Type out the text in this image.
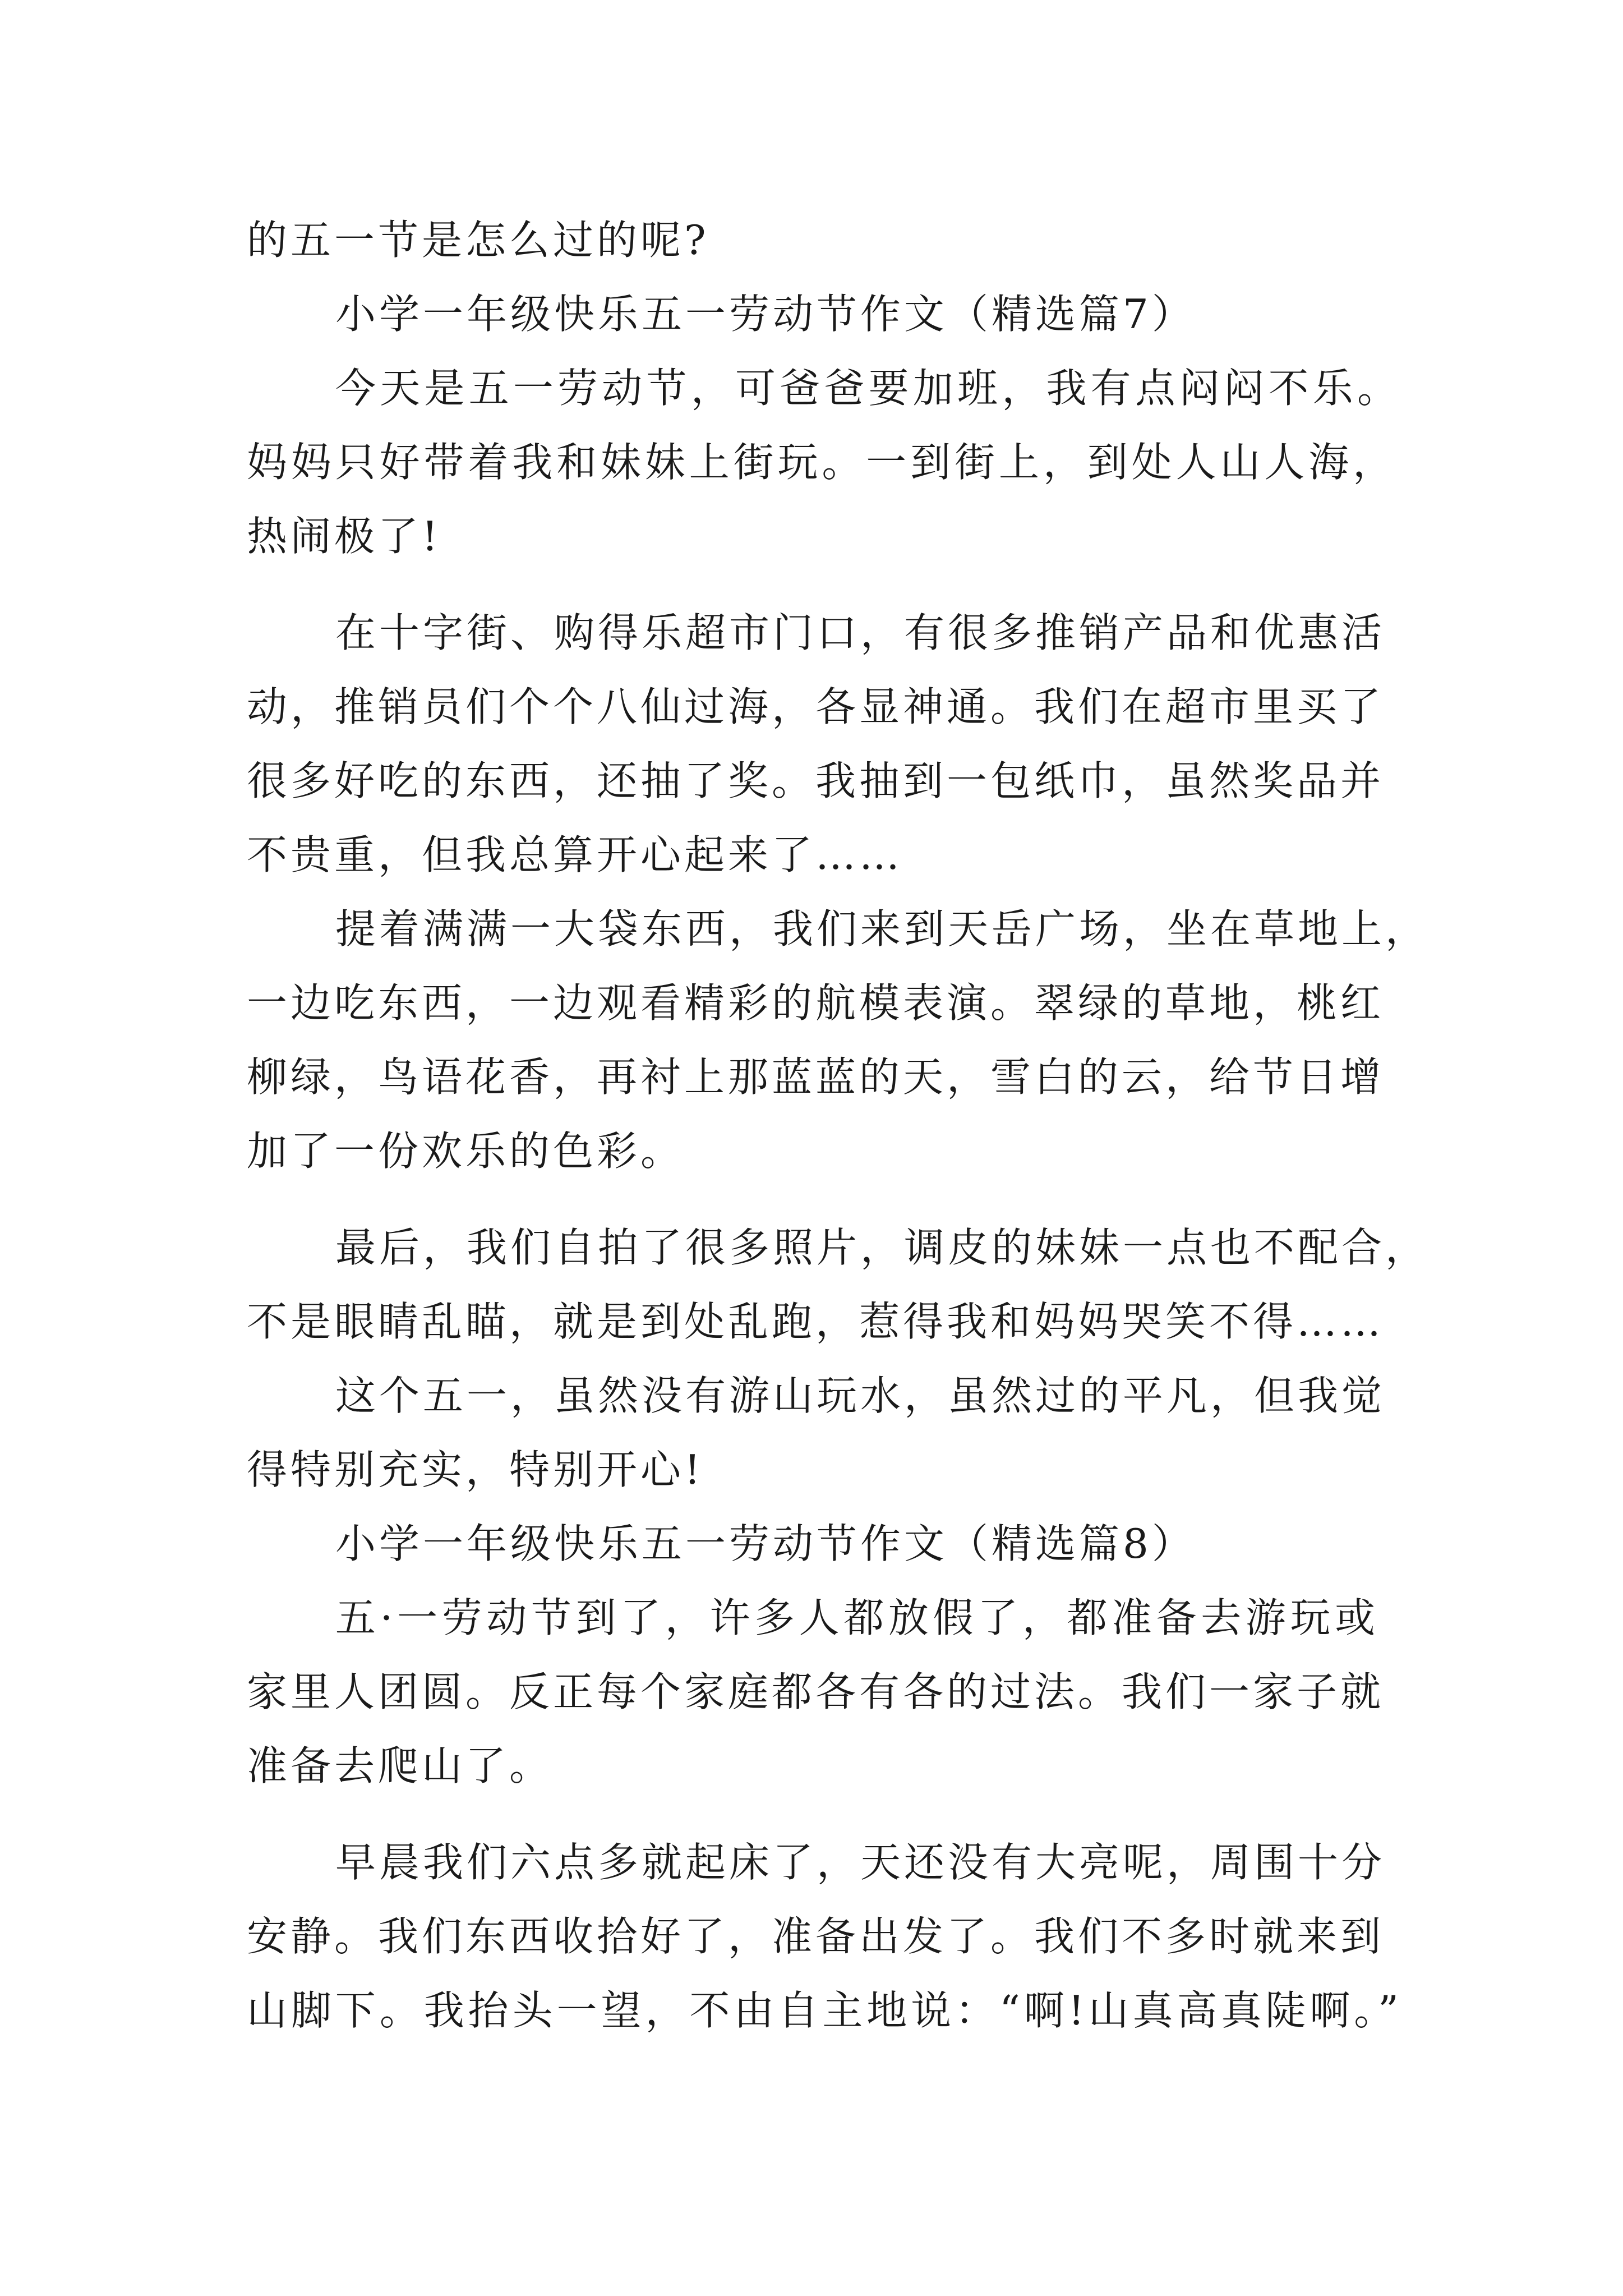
的五一节是怎么过的呢?
小学一年级快乐五一劳动节作文（精选篇7）
今天是五一劳动节，可爸爸要加班，我有点闷闷不乐。
妈妈只好带着我和妹妹上街玩。一到街上，到处人山人海，
热闹极了!
在十字街、购得乐超市门口，有很多推销产品和优惠活
动，推销员们个个八仙过海，各显神通。我们在超市里买了
很多好吃的东西，还抽了奖。我抽到一包纸巾，虽然奖品并
不贵重，但我总算开心起来了……
提着满满一大袋东西，我们来到天岳广场，坐在草地上，
一边吃东西，一边观看精彩的航模表演。翠绿的草地，桃红
柳绿，鸟语花香，再衬上那蓝蓝的天，雪白的云，给节日增
加了一份欢乐的色彩。
最后，我们自拍了很多照片，调皮的妹妹一点也不配合，
不是眼睛乱瞄，就是到处乱跑，惹得我和妈妈哭笑不得……
这个五一，虽然没有游山玩水，虽然过的平凡，但我觉
得特别充实，特别开心!
小学一年级快乐五一劳动节作文（精选篇8）
五·一劳动节到了，许多人都放假了，都准备去游玩或
家里人团圆。反正每个家庭都各有各的过法。我们一家子就
准备去爬山了。
早晨我们六点多就起床了，天还没有大亮呢，周围十分
安静。我们东西收拾好了，准备出发了。我们不多时就来到
山脚下。我抬头一望，不由自主地说：“啊!山真高真陡啊。”
